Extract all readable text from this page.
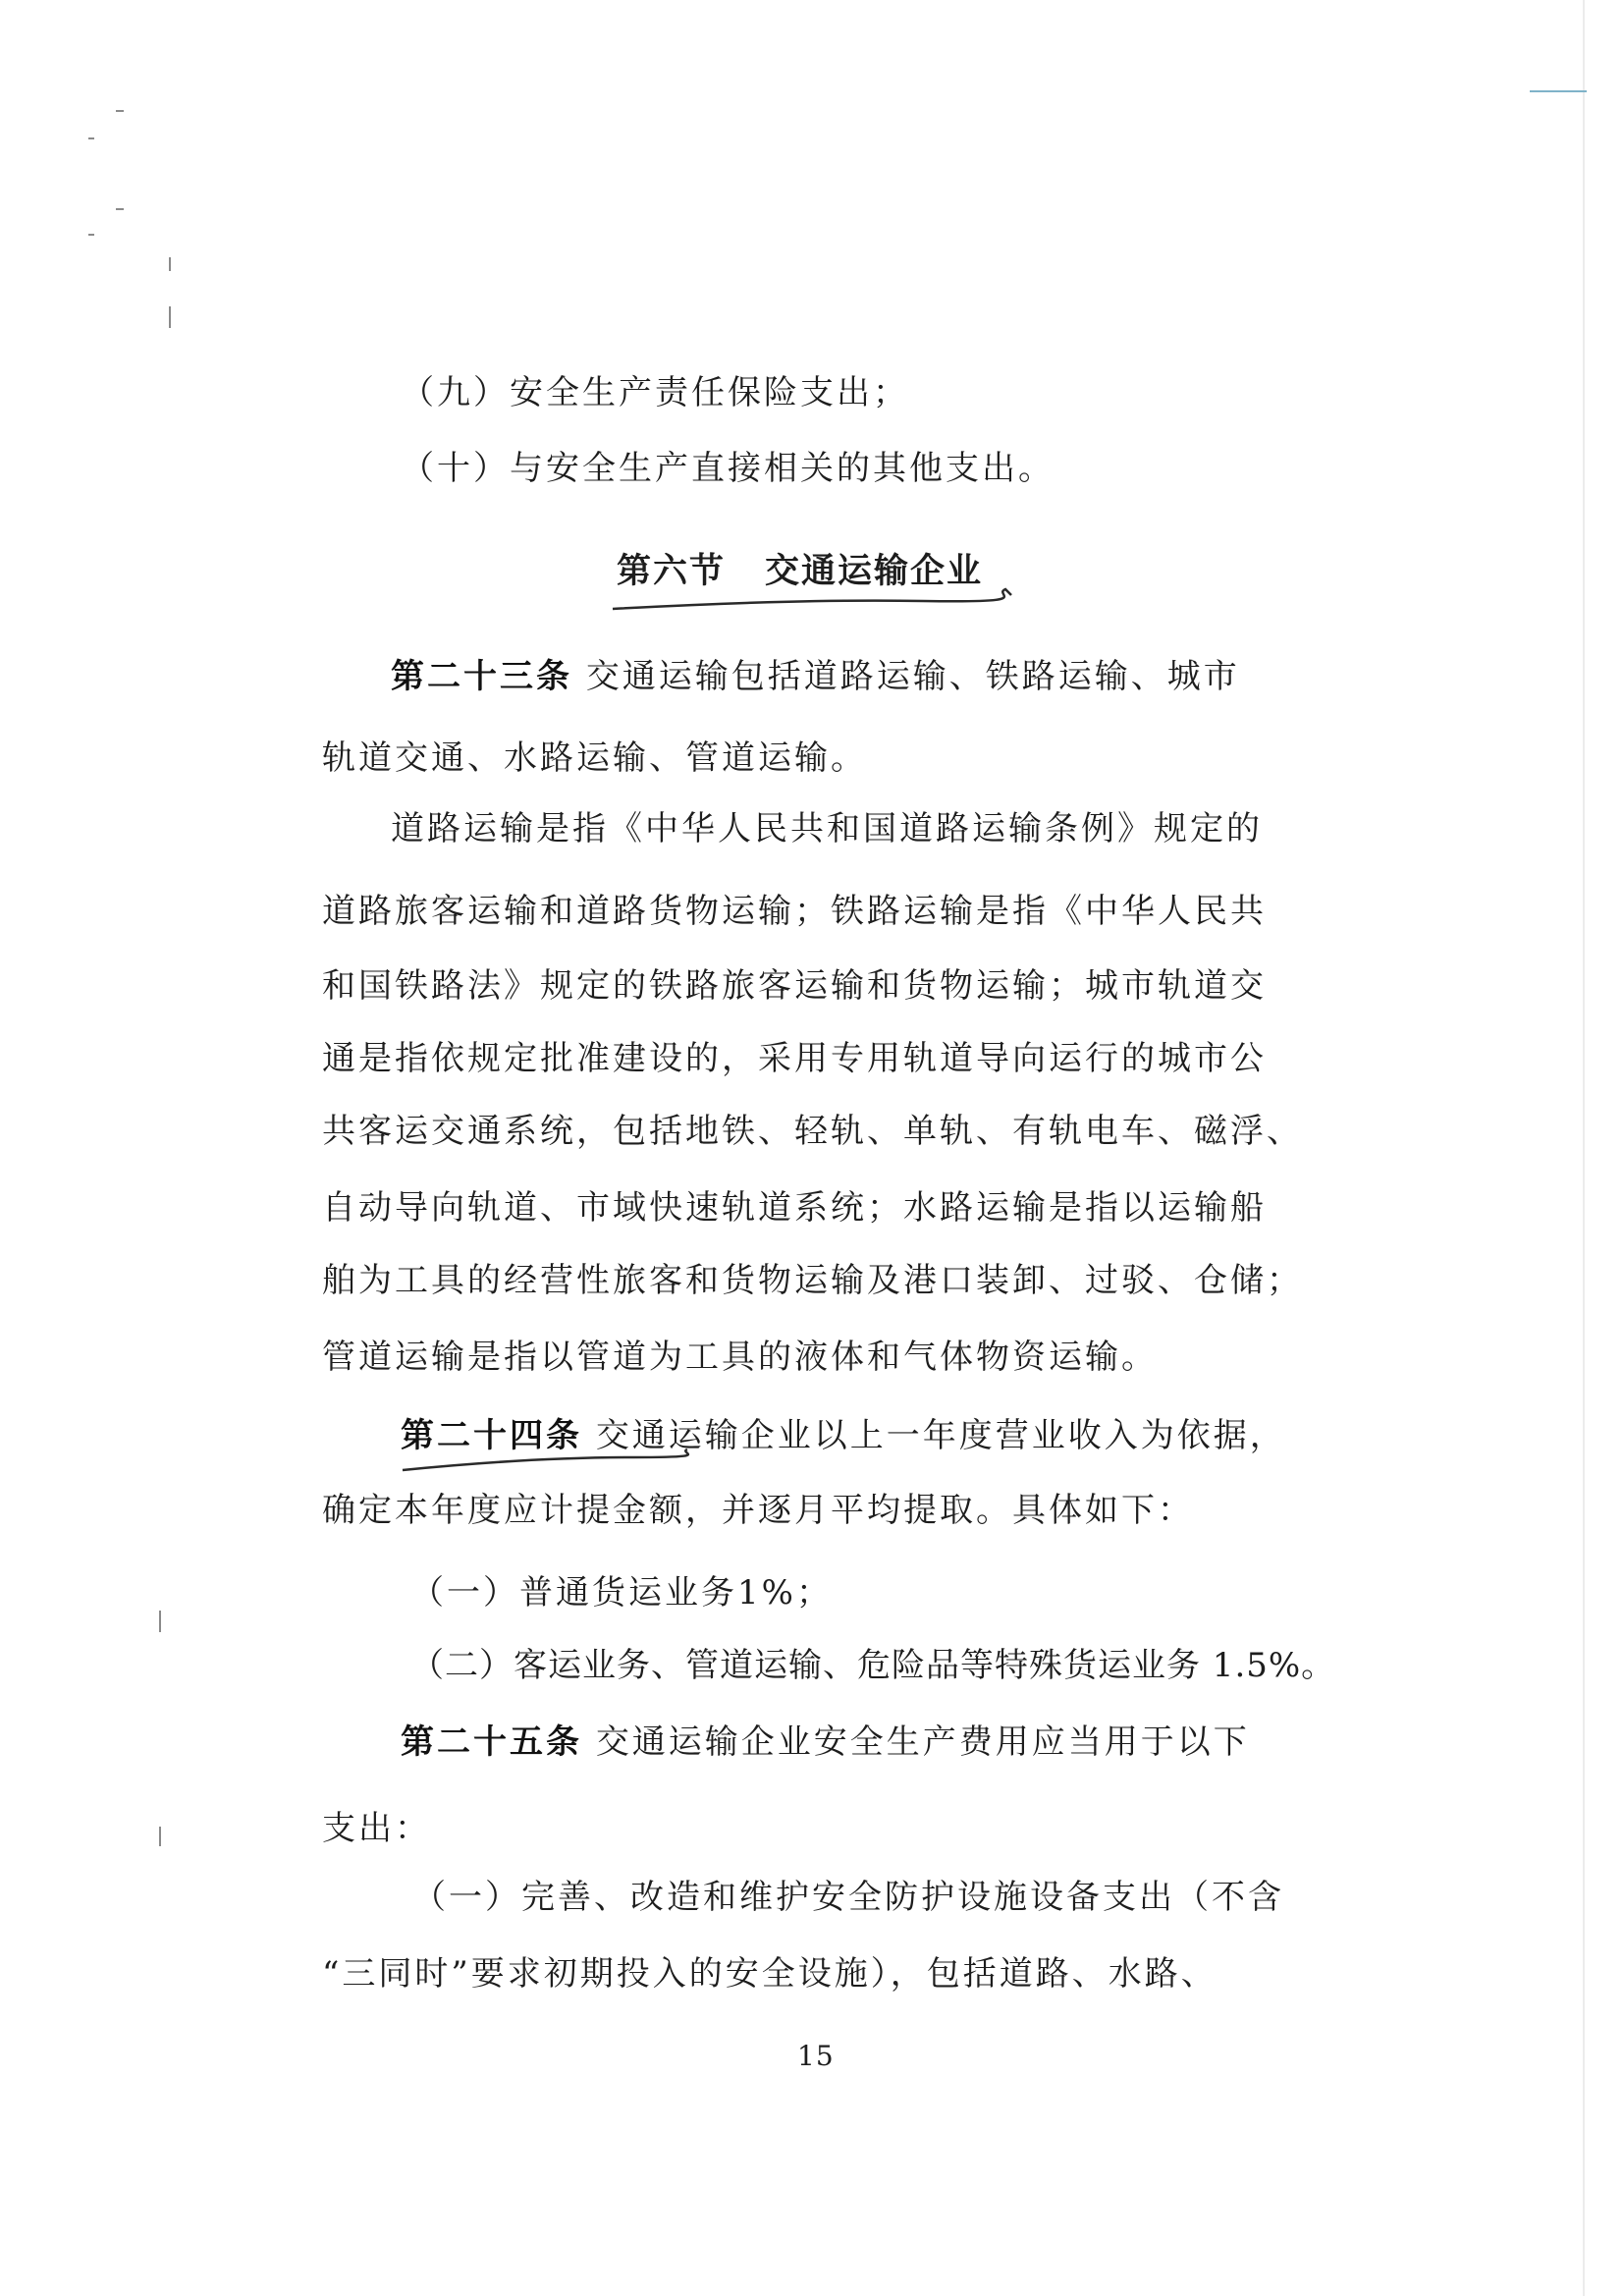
（九）安全生产责任保险支出；

（十）与安全生产直接相关的其他支出。

第六节 交通运输企业

第二十三条 交通运输包括道路运输、铁路运输、城市

轨道交通、水路运输、管道运输。

道路运输是指《中华人民共和国道路运输条例》规定的

道路旅客运输和道路货物运输；铁路运输是指《中华人民共

和国铁路法》规定的铁路旅客运输和货物运输；城市轨道交

通是指依规定批准建设的，采用专用轨道导向运行的城市公

共客运交通系统，包括地铁、轻轨、单轨、有轨电车、磁浮、

自动导向轨道、市域快速轨道系统；水路运输是指以运输船

舶为工具的经营性旅客和货物运输及港口装卸、过驳、仓储；

管道运输是指以管道为工具的液体和气体物资运输。

第二十四条 交通运输企业以上一年度营业收入为依据，

确定本年度应计提金额，并逐月平均提取。具体如下：

（一）普通货运业务1%；

（二）客运业务、管道运输、危险品等特殊货运业务 1.5%。

第二十五条 交通运输企业安全生产费用应当用于以下

支出：

（一）完善、改造和维护安全防护设施设备支出（不含

“三同时”要求初期投入的安全设施），包括道路、水路、

15
